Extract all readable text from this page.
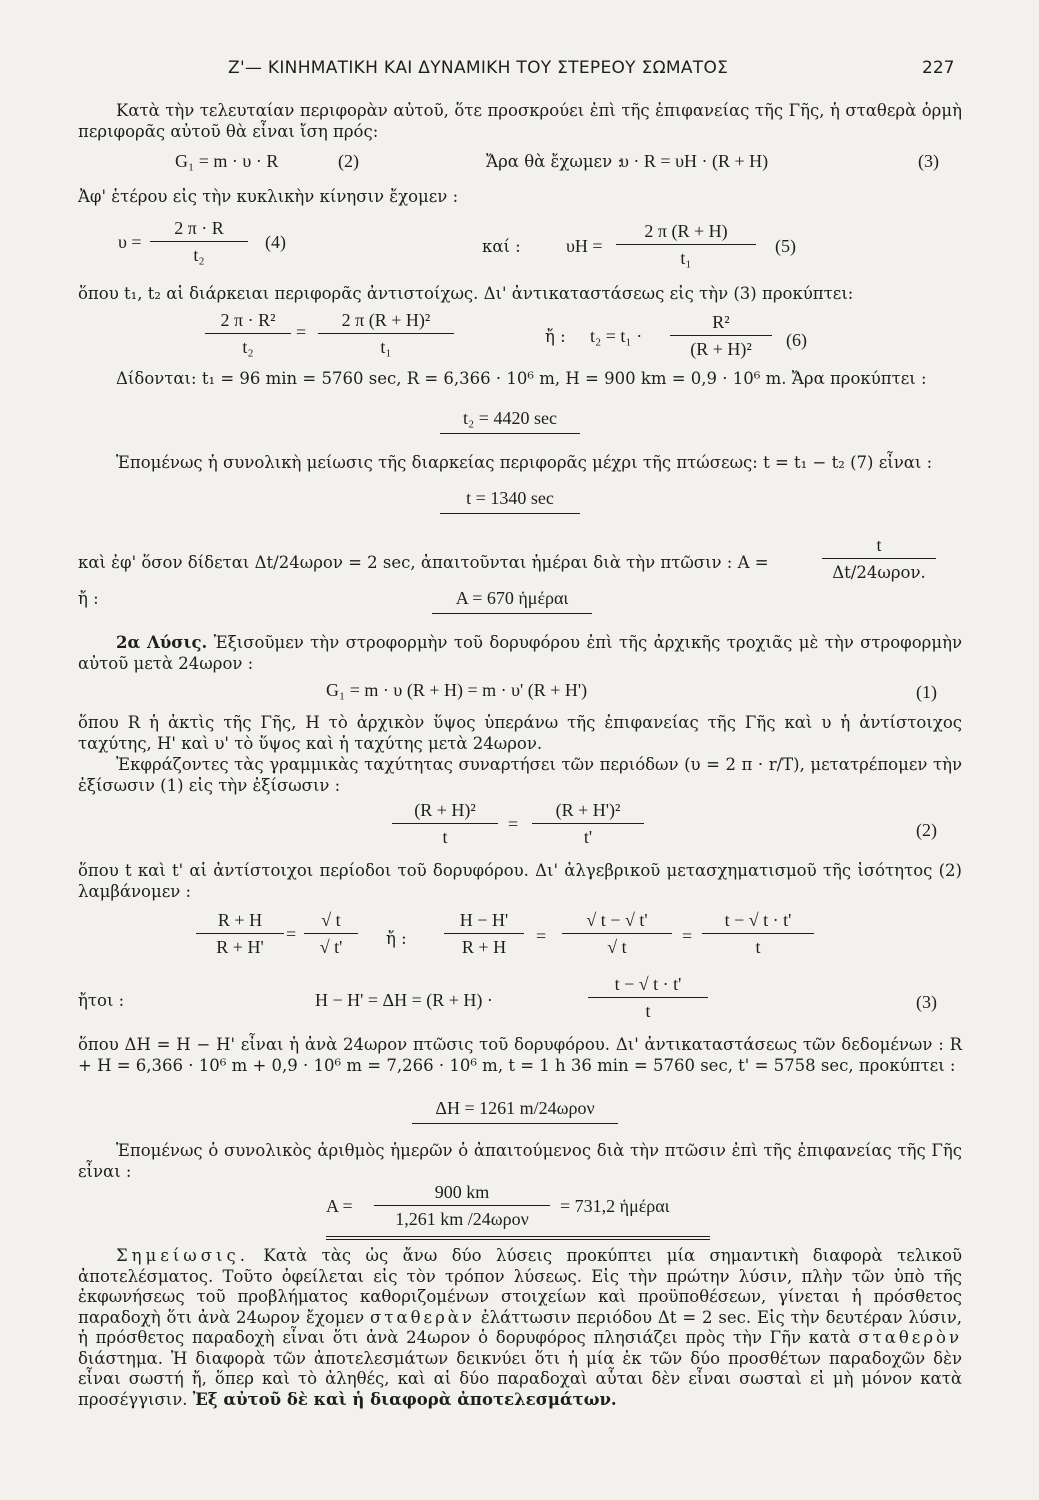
Ζ'— ΚΙΝΗΜΑΤΙΚΗ ΚΑΙ ΔΥΝΑΜΙΚΗ ΤΟΥ ΣΤΕΡΕΟΥ ΣΩΜΑΤΟΣ	227
Κατὰ τὴν τελευταίαν περιφορὰν αὐτοῦ, ὅτε προσκρούει ἐπὶ τῆς ἐπιφανείας τῆς Γῆς, ἡ σταθερὰ ὁρμὴ περιφορᾶς αὐτοῦ θὰ εἶναι ἴση πρός:
G₁ = m · υ · R	(2)	Ἄρα θὰ ἔχωμεν :
υ · R = υH · (R + H)	(3)
Ἀφ' ἑτέρου εἰς τὴν κυκλικὴν κίνησιν ἔχομεν :
υ =
2 π · R
t₂
(4)	καί :	υH =
2 π (R + H)
t₁
(5)
ὅπου t₁, t₂ αἱ διάρκειαι περιφορᾶς ἀντιστοίχως. Δι' ἀντικαταστάσεως εἰς τὴν (3) προκύπτει:
2 π · R²
t₂
=
2 π (R + H)²
t₁
ἤ : t₂ = t₁ ·
R²
(R + H)²	(6)
Δίδονται: t₁ = 96 min = 5760 sec, R = 6,366 · 10⁶ m, H = 900 km = 0,9 · 10⁶ m. Ἄρα προκύπτει :
t₂ = 4420 sec
Ἑπομένως ἡ συνολικὴ μείωσις τῆς διαρκείας περιφορᾶς μέχρι τῆς πτώσεως: t = t₁ − t₂ (7) εἶναι :
t = 1340 sec
καὶ ἐφ' ὅσον δίδεται Δt/24ωρον = 2 sec, ἀπαιτοῦνται ἡμέραι διὰ τὴν πτῶσιν : A =
t
Δt/24ωρον.
ἤ :	A = 670 ἡμέραι
2α Λύσις. Ἐξισοῦμεν τὴν στροφορμὴν τοῦ δορυφόρου ἐπὶ τῆς ἀρχικῆς τροχιᾶς μὲ τὴν στροφορμὴν αὐτοῦ μετὰ 24ωρον :
G₁ = m · υ (R + H) = m · υ' (R + H')	(1)
ὅπου R ἡ ἀκτὶς τῆς Γῆς, H τὸ ἀρχικὸν ὕψος ὑπεράνω τῆς ἐπιφανείας τῆς Γῆς καὶ υ ἡ ἀντίστοιχος ταχύτης, H' καὶ υ' τὸ ὕψος καὶ ἡ ταχύτης μετὰ 24ωρον.
Ἐκφράζοντες τὰς γραμμικὰς ταχύτητας συναρτήσει τῶν περιόδων (υ = 2 π · r/T), μετατρέπομεν τὴν ἐξίσωσιν (1) εἰς τὴν ἐξίσωσιν :
(R + H)²
t
=
(R + H')²
t'	(2)
ὅπου t καὶ t' αἱ ἀντίστοιχοι περίοδοι τοῦ δορυφόρου. Δι' ἀλγεβρικοῦ μετασχηματισμοῦ τῆς ἰσότητος (2) λαμβάνομεν :
R + H
R + H'
=
√ t
√ t'	ἤ :
H − H'
R + H
=
√ t − √ t'
√ t
=
t − √ t · t'
t
ἤτοι :	H − H' = ΔH = (R + H) ·
t − √ t · t'
t	(3)
ὅπου ΔH = H − H' εἶναι ἡ ἀνὰ 24ωρον πτῶσις τοῦ δορυφόρου. Δι' ἀντικαταστάσεως τῶν δεδομένων : R + H = 6,366 · 10⁶ m + 0,9 · 10⁶ m = 7,266 · 10⁶ m, t = 1 h 36 min = 5760 sec, t' = 5758 sec, προκύπτει :
ΔH = 1261 m/24ωρον
Ἑπομένως ὁ συνολικὸς ἀριθμὸς ἡμερῶν ὁ ἀπαιτούμενος διὰ τὴν πτῶσιν ἐπὶ τῆς ἐπιφανείας τῆς Γῆς εἶναι :
A =
900 km
1,261 km /24ωρον
= 731,2 ἡμέραι
Σημείωσις. Κατὰ τὰς ὡς ἄνω δύο λύσεις προκύπτει μία σημαντικὴ διαφορὰ τελικοῦ ἀποτελέσματος. Τοῦτο ὀφείλεται εἰς τὸν τρόπον λύσεως. Εἰς τὴν πρώτην λύσιν, πλὴν τῶν ὑπὸ τῆς ἐκφωνήσεως τοῦ προβλήματος καθοριζομένων στοιχείων καὶ προϋποθέσεων, γίνεται ἡ πρόσθετος παραδοχὴ ὅτι ἀνὰ 24ωρον ἔχομεν σταθερὰν ἐλάττωσιν περιόδου Δt = 2 sec. Εἰς τὴν δευτέραν λύσιν, ἡ πρόσθετος παραδοχὴ εἶναι ὅτι ἀνὰ 24ωρον ὁ δορυφόρος πλησιάζει πρὸς τὴν Γῆν κατὰ σταθερὸν διάστημα. Ἡ διαφορὰ τῶν ἀποτελεσμάτων δεικνύει ὅτι ἡ μία ἐκ τῶν δύο προσθέτων παραδοχῶν δὲν εἶναι σωστή ἤ, ὅπερ καὶ τὸ ἀληθές, καὶ αἱ δύο παραδοχαὶ αὗται δὲν εἶναι σωσταὶ εἰ μὴ μόνον κατὰ προσέγγισιν. Ἐξ αὐτοῦ δὲ καὶ ἡ διαφορὰ ἀποτελεσμάτων.
